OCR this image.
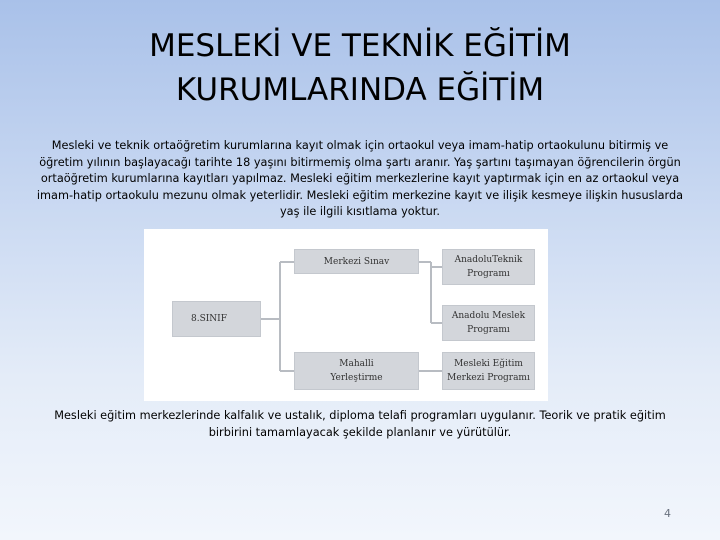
MESLEKİ VE TEKNİK EĞİTİM
KURUMLARINDA EĞİTİM

Mesleki ve teknik ortaöğretim kurumlarına kayıt olmak için ortaokul veya imam-hatip ortaokulunu bitirmiş ve öğretim yılının başlayacağı tarihte 18 yaşını bitirmemiş olma şartı aranır. Yaş şartını taşımayan öğrencilerin örgün ortaöğretim kurumlarına kayıtları yapılmaz. Mesleki eğitim merkezlerine kayıt yaptırmak için en az ortaokul veya imam-hatip ortaokulu mezunu olmak yeterlidir. Mesleki eğitim merkezine kayıt ve ilişik kesmeye ilişkin hususlarda yaş ile ilgili kısıtlama yoktur.

8.SINIF
Merkezi Sınav
Mahalli
Yerleştirme
AnadoluTeknik
Programı
Anadolu Meslek
Programı
Mesleki Eğitim
Merkezi Programı

Mesleki eğitim merkezlerinde kalfalık ve ustalık, diploma telafi programları uygulanır. Teorik ve pratik eğitim birbirini tamamlayacak şekilde planlanır ve yürütülür.

4
